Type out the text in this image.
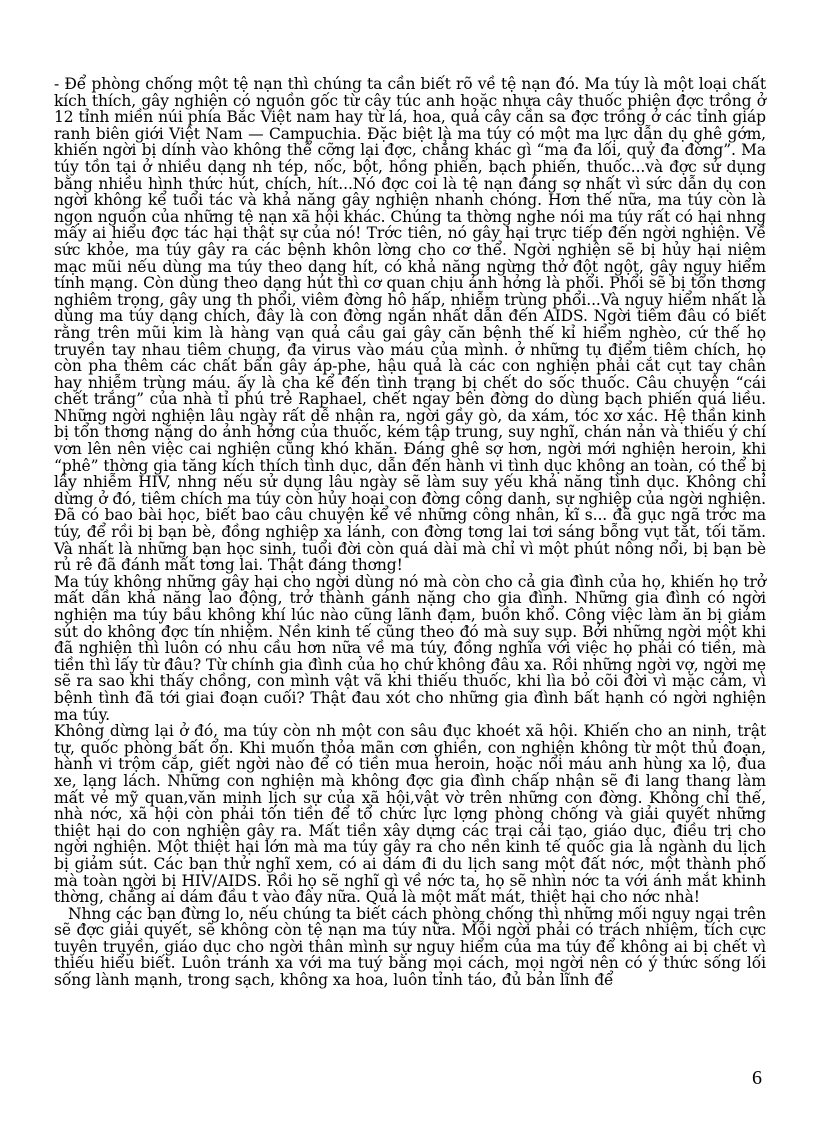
- Để phòng chống một tệ nạn thì chúng ta cần biết rõ về tệ nạn đó. Ma túy là một loại chất kích thích, gây nghiện có nguồn gốc từ cây túc anh hoặc nhựa cây thuốc phiện đợc trồng ở 12 tỉnh miền núi phía Bắc Việt nam hay từ lá, hoa, quả cây cần sa đợc trồng ở các tỉnh giáp ranh biên giới Việt Nam — Campuchia. Đặc biệt là ma túy có một ma lực dẫn dụ ghê gớm, khiến ngời bị dính vào không thể cỡng lại đợc, chẳng khác gì “ma đa lối, quỷ đa đờng”. Ma túy tồn tại ở nhiều dạng nh tép, nốc, bột, hồng phiến, bạch phiến, thuốc...và đợc sử dụng bằng nhiều hình thức hút, chích, hít...Nó đợc coi là tệ nạn đáng sợ nhất vì sức dẫn dụ con ngời không kể tuổi tác và khả năng gây nghiện nhanh chóng. Hơn thế nữa, ma túy còn là ngọn nguồn của những tệ nạn xã hội khác. Chúng ta thờng nghe nói ma túy rất có hại nhng mấy ai hiểu đợc tác hại thật sự của nó! Trớc tiên, nó gây hại trực tiếp đến ngời nghiện. Về sức khỏe, ma túy gây ra các bệnh khôn lờng cho cơ thể. Ngời nghiện sẽ bị hủy hại niêm mạc mũi nếu dùng ma túy theo dạng hít, có khả năng ngừng thở đột ngột, gây nguy hiểm tính mạng. Còn dùng theo dạng hút thì cơ quan chịu ảnh hởng là phổi. Phổi sẽ bị tổn thơng nghiêm trọng, gây ung th phổi, viêm đờng hô hấp, nhiễm trùng phổi...Và nguy hiểm nhất là dùng ma túy dạng chích, đây là con đờng ngắn nhất dẫn đến AIDS. Ngời tiêm đâu có biết rằng trên mũi kim là hàng vạn quả cầu gai gây căn bệnh thế kỉ hiểm nghèo, cứ thế họ truyền tay nhau tiêm chung, đa virus vào máu của mình. ở những tụ điểm tiêm chích, họ còn pha thêm các chất bẩn gây áp-phe, hậu quả là các con nghiện phải cắt cụt tay chân hay nhiễm trùng máu. ấy là cha kể đến tình trạng bị chết do sốc thuốc. Câu chuyện “cái chết trắng” của nhà tỉ phú trẻ Raphael, chết ngay bên đờng do dùng bạch phiến quá liều. Những ngời nghiện lâu ngày rất dễ nhận ra, ngời gầy gò, da xám, tóc xơ xác. Hệ thần kinh bị tổn thơng nặng do ảnh hởng của thuốc, kém tập trung, suy nghĩ, chán nản và thiếu ý chí vơn lên nên việc cai nghiện cũng khó khăn. Đáng ghê sợ hơn, ngời mới nghiện heroin, khi “phê” thờng gia tăng kích thích tình dục, dẫn đến hành vi tình dục không an toàn, có thể bị lây nhiễm HIV, nhng nếu sử dụng lâu ngày sẽ làm suy yếu khả năng tình dục. Không chỉ dừng ở đó, tiêm chích ma túy còn hủy hoại con đờng công danh, sự nghiệp của ngời nghiện. Đã có bao bài học, biết bao câu chuyện kể về những công nhân, kĩ s... đã gục ngã trớc ma túy, để rồi bị bạn bè, đồng nghiệp xa lánh, con đờng tơng lai tơi sáng bỗng vụt tắt, tối tăm. Và nhất là những bạn học sinh, tuổi đời còn quá dài mà chỉ vì một phút nông nổi, bị bạn bè rủ rê đã đánh mất tơng lai. Thật đáng thơng!

Ma túy không những gây hại cho ngời dùng nó mà còn cho cả gia đình của họ, khiến họ trở mất dần khả năng lao động, trở thành gánh nặng cho gia đình. Những gia đình có ngời nghiện ma túy bầu không khí lúc nào cũng lãnh đạm, buồn khổ. Công việc làm ăn bị giảm sút do không đợc tín nhiệm. Nền kinh tế cũng theo đó mà suy sụp. Bởi những ngời một khi đã nghiện thì luôn có nhu cầu hơn nữa về ma túy, đồng nghĩa với việc họ phải có tiền, mà tiền thì lấy từ đâu? Từ chính gia đình của họ chứ không đâu xa. Rồi những ngời vợ, ngời mẹ sẽ ra sao khi thấy chồng, con mình vật vã khi thiếu thuốc, khi lìa bỏ cõi đời vì mặc cảm, vì bệnh tình đã tới giai đoạn cuối? Thật đau xót cho những gia đình bất hạnh có ngời nghiện ma túy.

Không dừng lại ở đó, ma túy còn nh một con sâu đục khoét xã hội. Khiến cho an ninh, trật tự, quốc phòng bất ổn. Khi muốn thỏa mãn cơn ghiền, con nghiện không từ một thủ đoạn, hành vi trộm cắp, giết ngời nào để có tiền mua heroin, hoặc nổi máu anh hùng xa lộ, đua xe, lạng lách. Những con nghiện mà không đợc gia đình chấp nhận sẽ đi lang thang làm mất vẻ mỹ quan,văn minh lịch sự của xã hội,vật vờ trên những con đờng. Không chỉ thế, nhà nớc, xã hội còn phải tốn tiền để tổ chức lực lợng phòng chống và giải quyết những thiệt hại do con nghiện gây ra. Mất tiền xây dựng các trại cải tạo, giáo dục, điều trị cho ngời nghiện. Một thiệt hại lớn mà ma túy gây ra cho nền kinh tế quốc gia là ngành du lịch bị giảm sút. Các bạn thử nghĩ xem, có ai dám đi du lịch sang một đất nớc, một thành phố mà toàn ngời bị HIV/AIDS. Rồi họ sẽ nghĩ gì về nớc ta, họ sẽ nhìn nớc ta với ánh mắt khinh thờng, chẳng ai dám đầu t vào đây nữa. Quả là một mất mát, thiệt hại cho nớc nhà!

Nhng các bạn đừng lo, nếu chúng ta biết cách phòng chống thì những mối nguy ngại trên sẽ đợc giải quyết, sẽ không còn tệ nạn ma túy nữa. Mỗi ngời phải có trách nhiệm, tích cực tuyên truyền, giáo dục cho ngời thân mình sự nguy hiểm của ma túy để không ai bị chết vì thiếu hiểu biết. Luôn tránh xa với ma tuý bằng mọi cách, mọi ngời nên có ý thức sống lối sống lành mạnh, trong sạch, không xa hoa, luôn tỉnh táo, đủ bản lĩnh để

6
